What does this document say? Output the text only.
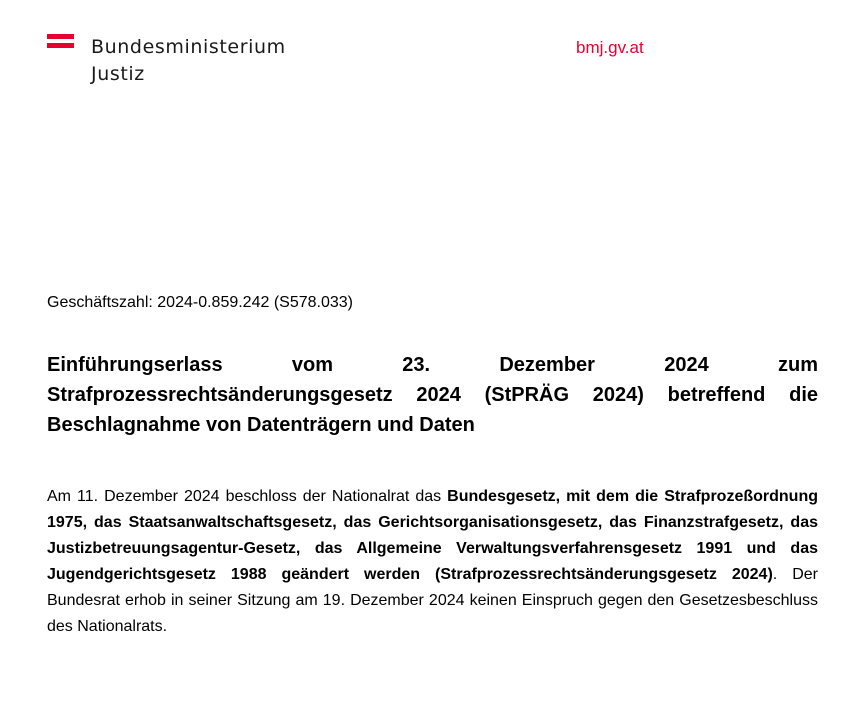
Bundesministerium
Justiz
bmj.gv.at
Geschäftszahl: 2024-0.859.242 (S578.033)
Einführungserlass vom 23. Dezember 2024 zum Strafprozessrechtsänderungsgesetz 2024 (StPRÄG 2024) betreffend die Beschlagnahme von Datenträgern und Daten
Am 11. Dezember 2024 beschloss der Nationalrat das Bundesgesetz, mit dem die Strafprozeßordnung 1975, das Staatsanwaltschaftsgesetz, das Gerichtsorganisationsgesetz, das Finanzstrafgesetz, das Justizbetreuungsagentur-Gesetz, das Allgemeine Verwaltungsverfahrensgesetz 1991 und das Jugendgerichtsgesetz 1988 geändert werden (Strafprozessrechtsänderungsgesetz 2024). Der Bundesrat erhob in seiner Sitzung am 19. Dezember 2024 keinen Einspruch gegen den Gesetzesbeschluss des Nationalrats.
